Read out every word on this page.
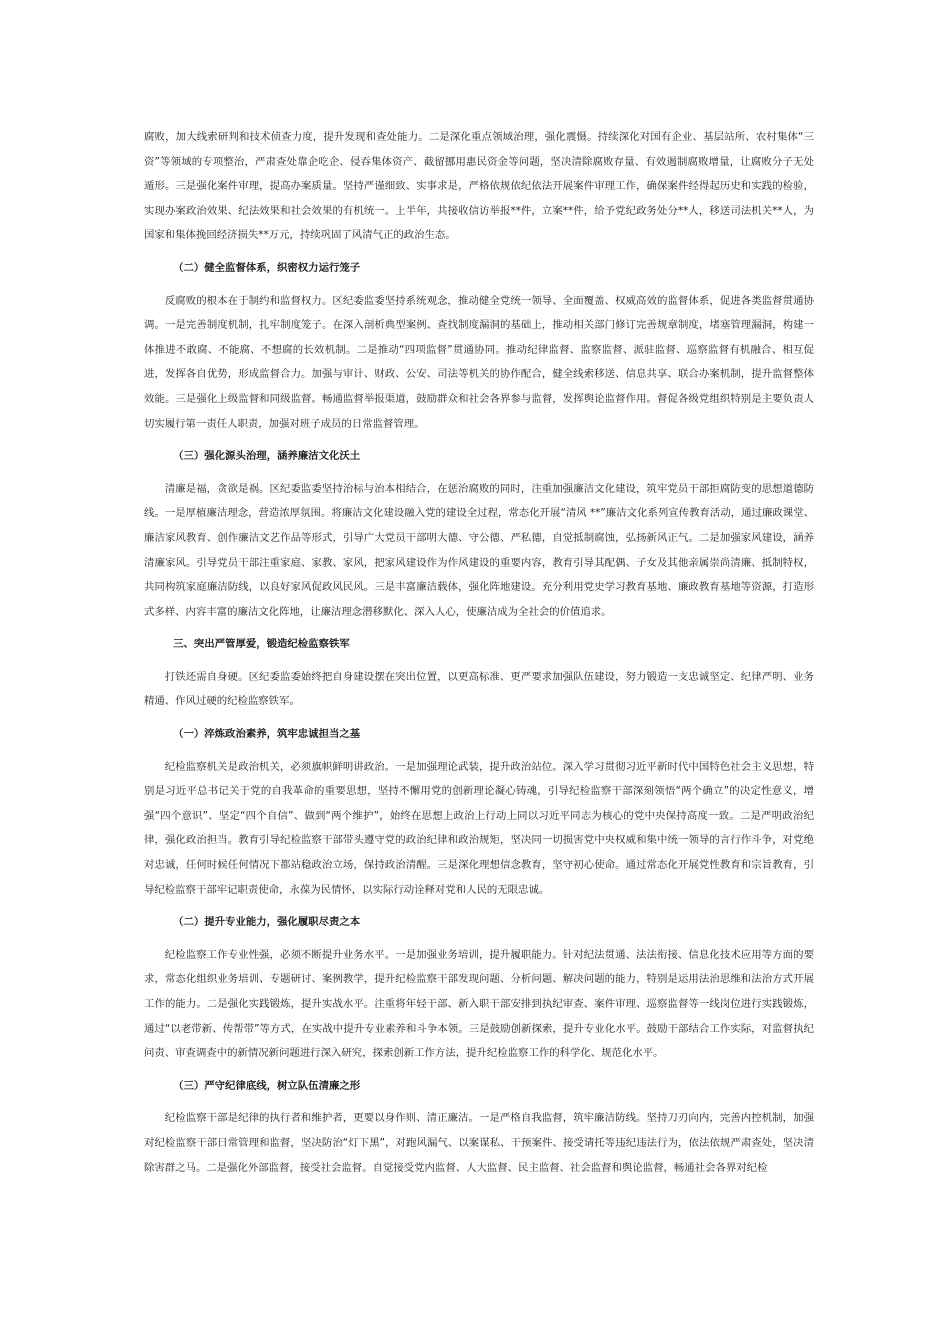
腐败，加大线索研判和技术侦查力度，提升发现和查处能力。二是深化重点领域治理，强化震慑。持续深化对国有企业、基层站所、农村集体“三资”等领域的专项整治，严肃查处靠企吃企、侵吞集体资产、截留挪用惠民资金等问题，坚决清除腐败存量、有效遏制腐败增量，让腐败分子无处遁形。三是强化案件审理，提高办案质量。坚持严谨细致、实事求是，严格依规依纪依法开展案件审理工作，确保案件经得起历史和实践的检验，实现办案政治效果、纪法效果和社会效果的有机统一。上半年，共接收信访举报**件，立案**件，给予党纪政务处分**人，移送司法机关**人，为国家和集体挽回经济损失**万元，持续巩固了风清气正的政治生态。

（二）健全监督体系，织密权力运行笼子

反腐败的根本在于制约和监督权力。区纪委监委坚持系统观念，推动健全党统一领导、全面覆盖、权威高效的监督体系，促进各类监督贯通协调。一是完善制度机制，扎牢制度笼子。在深入剖析典型案例、查找制度漏洞的基础上，推动相关部门修订完善规章制度，堵塞管理漏洞，构建一体推进不敢腐、不能腐、不想腐的长效机制。二是推动“四项监督”贯通协同。推动纪律监督、监察监督、派驻监督、巡察监督有机融合、相互促进，发挥各自优势，形成监督合力。加强与审计、财政、公安、司法等机关的协作配合，健全线索移送、信息共享、联合办案机制，提升监督整体效能。三是强化上级监督和同级监督。畅通监督举报渠道，鼓励群众和社会各界参与监督，发挥舆论监督作用。督促各级党组织特别是主要负责人切实履行第一责任人职责，加强对班子成员的日常监督管理。

（三）强化源头治理，涵养廉洁文化沃土

清廉是福，贪欲是祸。区纪委监委坚持治标与治本相结合，在惩治腐败的同时，注重加强廉洁文化建设，筑牢党员干部拒腐防变的思想道德防线。一是厚植廉洁理念，营造浓厚氛围。将廉洁文化建设融入党的建设全过程，常态化开展“清风 **”廉洁文化系列宣传教育活动，通过廉政课堂、廉洁家风教育、创作廉洁文艺作品等形式，引导广大党员干部明大德、守公德、严私德，自觉抵制腐蚀，弘扬新风正气。二是加强家风建设，涵养清廉家风。引导党员干部注重家庭、家教、家风，把家风建设作为作风建设的重要内容，教育引导其配偶、子女及其他亲属崇尚清廉、抵制特权，共同构筑家庭廉洁防线，以良好家风促政风民风。三是丰富廉洁载体，强化阵地建设。充分利用党史学习教育基地、廉政教育基地等资源，打造形式多样、内容丰富的廉洁文化阵地，让廉洁理念潜移默化、深入人心，使廉洁成为全社会的价值追求。

三、突出严管厚爱，锻造纪检监察铁军

打铁还需自身硬。区纪委监委始终把自身建设摆在突出位置，以更高标准、更严要求加强队伍建设，努力锻造一支忠诚坚定、纪律严明、业务精通、作风过硬的纪检监察铁军。

（一）淬炼政治素养，筑牢忠诚担当之基

纪检监察机关是政治机关，必须旗帜鲜明讲政治。一是加强理论武装，提升政治站位。深入学习贯彻习近平新时代中国特色社会主义思想，特别是习近平总书记关于党的自我革命的重要思想，坚持不懈用党的创新理论凝心铸魂，引导纪检监察干部深刻领悟“两个确立”的决定性意义，增强“四个意识”、坚定“四个自信”、做到“两个维护”，始终在思想上政治上行动上同以习近平同志为核心的党中央保持高度一致。二是严明政治纪律，强化政治担当。教育引导纪检监察干部带头遵守党的政治纪律和政治规矩，坚决同一切损害党中央权威和集中统一领导的言行作斗争，对党绝对忠诚，任何时候任何情况下都站稳政治立场，保持政治清醒。三是深化理想信念教育，坚守初心使命。通过常态化开展党性教育和宗旨教育，引导纪检监察干部牢记职责使命，永葆为民情怀，以实际行动诠释对党和人民的无限忠诚。

（二）提升专业能力，强化履职尽责之本

纪检监察工作专业性强，必须不断提升业务水平。一是加强业务培训，提升履职能力。针对纪法贯通、法法衔接、信息化技术应用等方面的要求，常态化组织业务培训、专题研讨、案例教学，提升纪检监察干部发现问题、分析问题、解决问题的能力，特别是运用法治思维和法治方式开展工作的能力。二是强化实践锻炼，提升实战水平。注重将年轻干部、新入职干部安排到执纪审查、案件审理、巡察监督等一线岗位进行实践锻炼，通过“以老带新、传帮带”等方式，在实战中提升专业素养和斗争本领。三是鼓励创新探索，提升专业化水平。鼓励干部结合工作实际，对监督执纪问责、审查调查中的新情况新问题进行深入研究，探索创新工作方法，提升纪检监察工作的科学化、规范化水平。

（三）严守纪律底线，树立队伍清廉之形

纪检监察干部是纪律的执行者和维护者，更要以身作则、清正廉洁。一是严格自我监督，筑牢廉洁防线。坚持刀刃向内，完善内控机制，加强对纪检监察干部日常管理和监督，坚决防治“灯下黑”，对跑风漏气、以案谋私、干预案件、接受请托等违纪违法行为，依法依规严肃查处，坚决清除害群之马。二是强化外部监督，接受社会监督。自觉接受党内监督、人大监督、民主监督、社会监督和舆论监督，畅通社会各界对纪检
